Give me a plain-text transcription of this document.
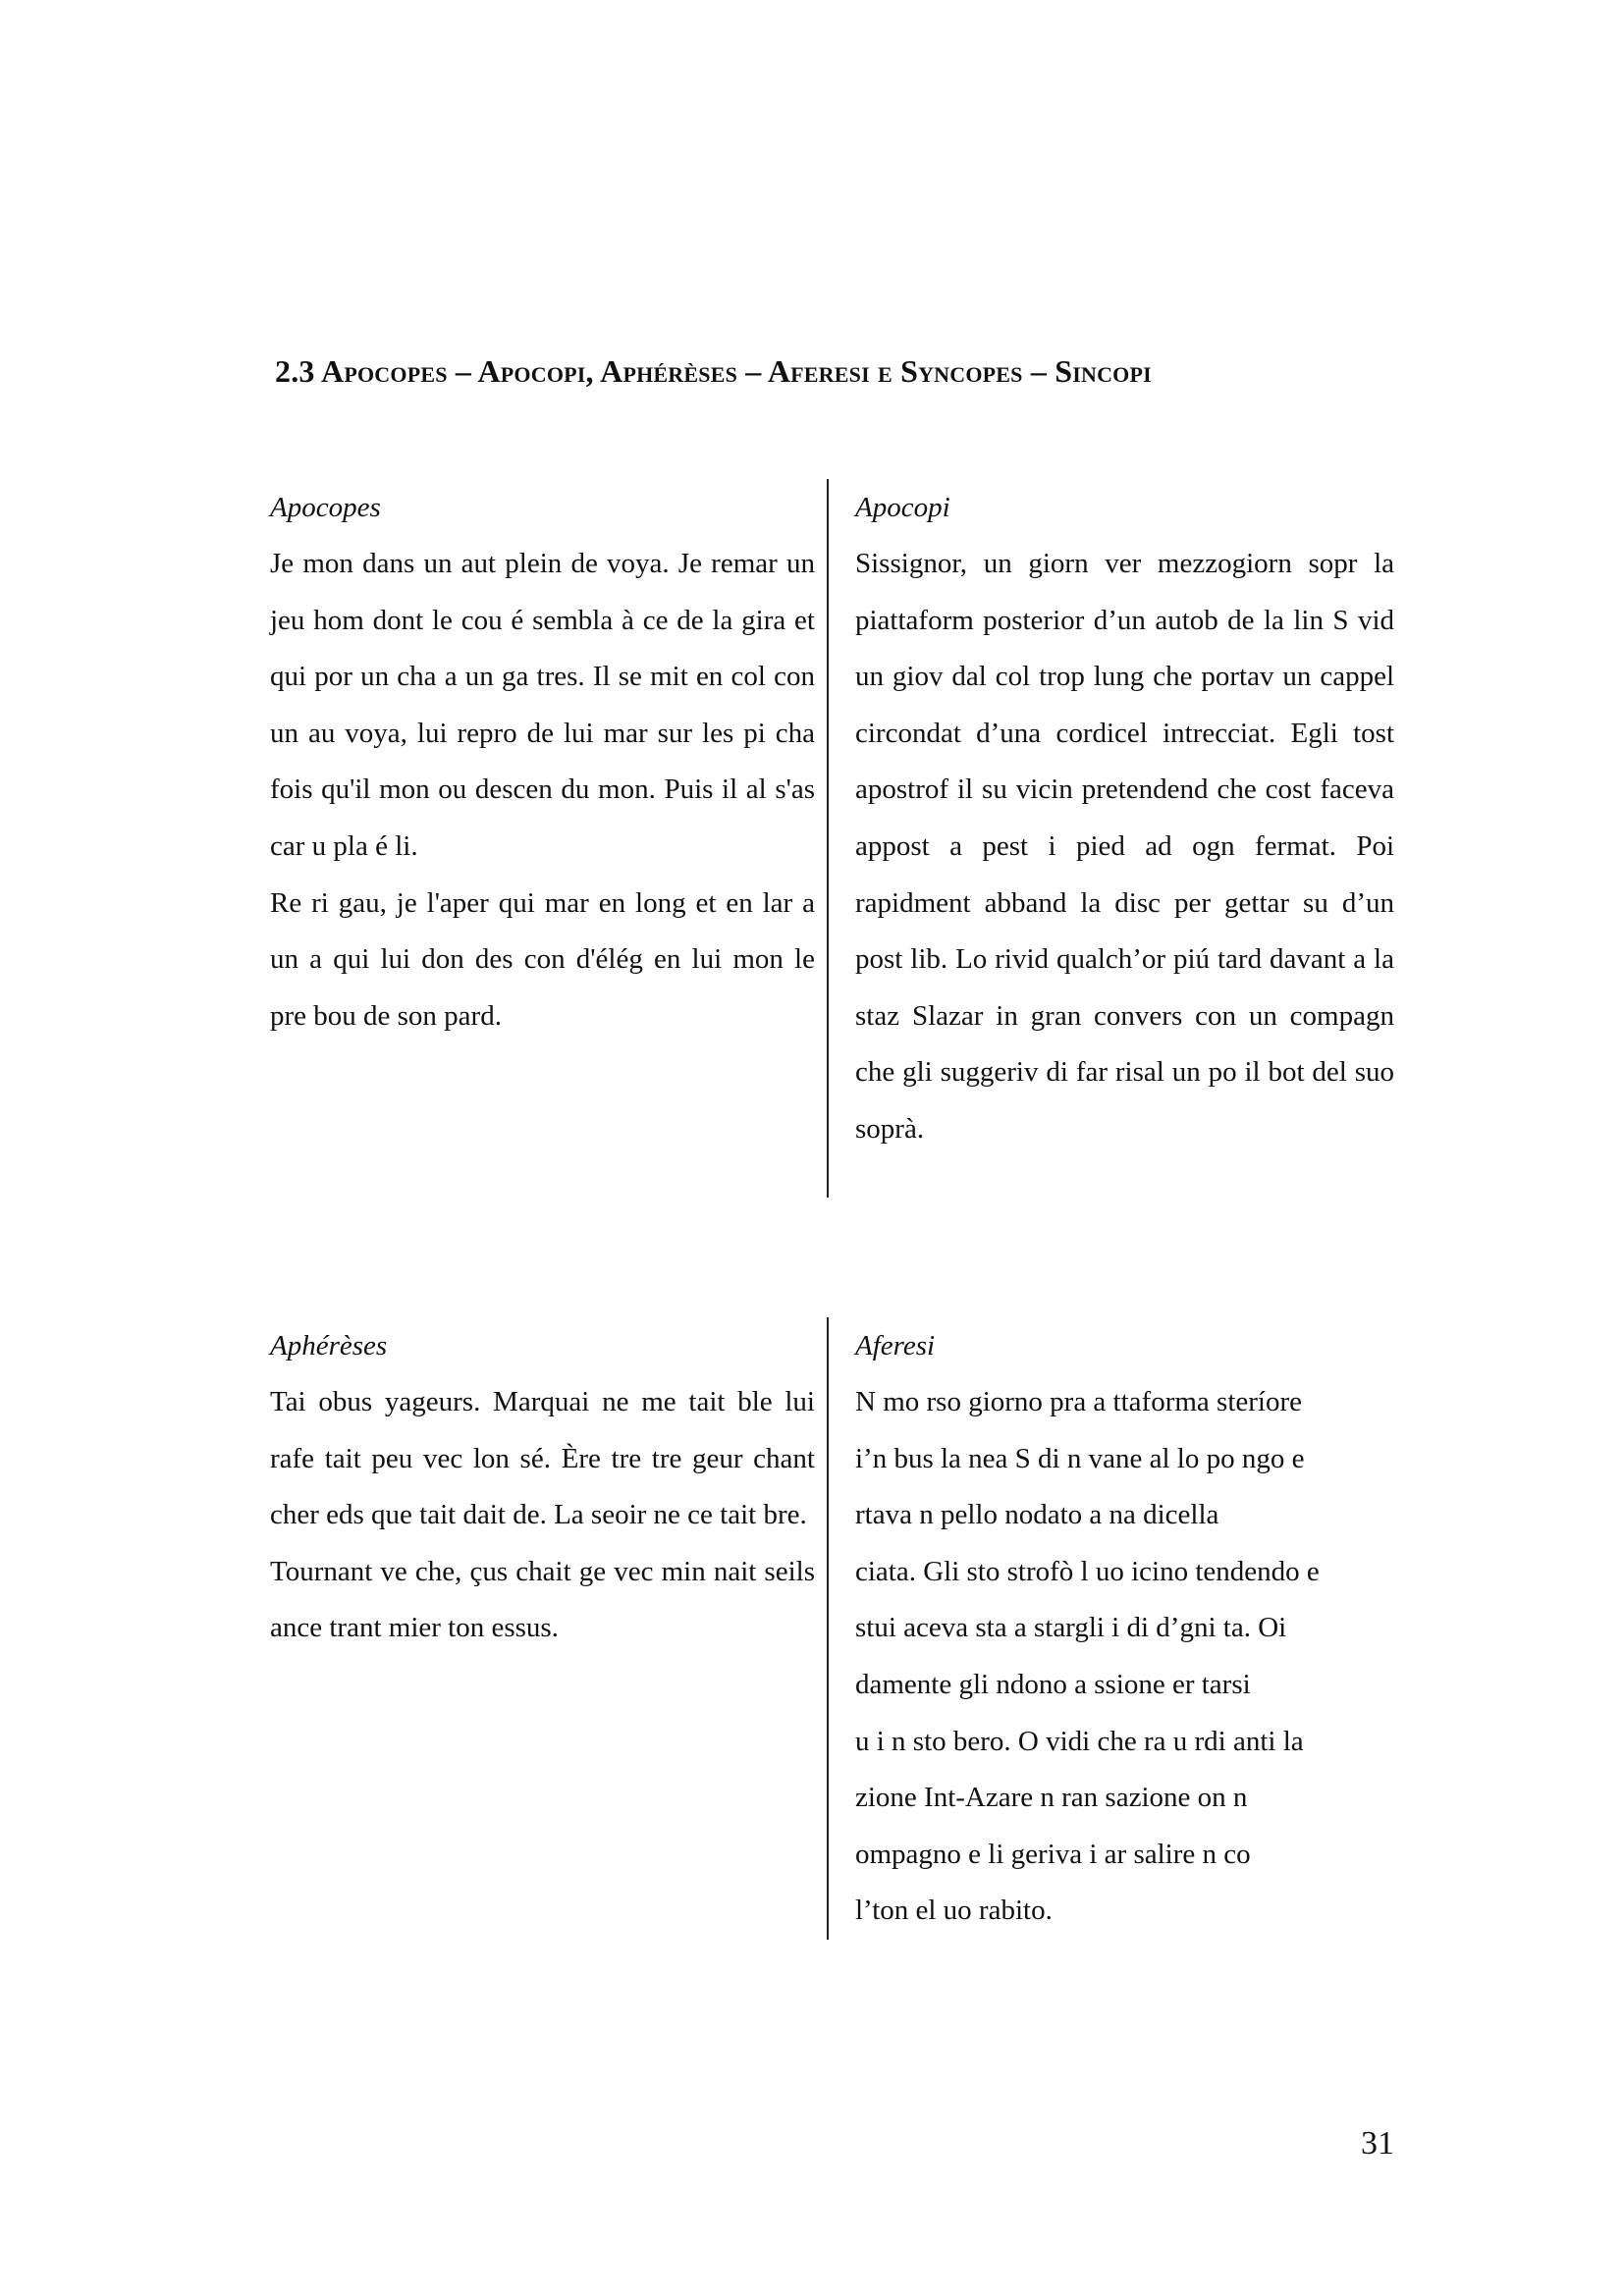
2.3 Apocopes – Apocopi, Aphérèses – Aferesi e Syncopes – Sincopi

Apocopes

Je mon dans un aut plein de voya. Je remar un jeu hom dont le cou é sembla à ce de la gira et qui por un cha a un ga tres. Il se mit en col con un au voya, lui repro de lui mar sur les pi cha fois qu'il mon ou descen du mon. Puis il al s'as car u pla é li.

Re ri gau, je l'aper qui mar en long et en lar a un a qui lui don des con d'élég en lui mon le pre bou de son pard.

Apocopi

Sissignor, un giorn ver mezzogiorn sopr la piattaform posterior d’un autob de la lin S vid un giov dal col trop lung che portav un cappel circondat d’una cordicel intrecciat. Egli tost apostrof il su vicin pretendend che cost faceva appost a pest i pied ad ogn fermat. Poi rapidment abband la disc per gettar su d’un post lib. Lo rivid qualch’or piú tard davant a la staz Slazar in gran convers con un compagn che gli suggeriv di far risal un po il bot del suo soprà.

Aphérèses

Tai obus yageurs. Marquai ne me tait ble lui rafe tait peu vec lon sé. Ère tre tre geur chant cher eds que tait dait de. La seoir ne ce tait bre.

Tournant ve che, çus chait ge vec min nait seils ance trant mier ton essus.

Aferesi

N mo rso giorno pra a ttaforma steríore

i’n bus la nea S di n vane al lo po ngo e

rtava n pello nodato a na dicella

ciata. Gli sto strofò l uo icino tendendo e

stui aceva sta a stargli i di d’gni ta. Oi

damente gli ndono a ssione er tarsi

u i n sto bero. O vidi che ra u rdi anti la

zione Int-Azare n ran sazione on n

ompagno e li geriva i ar salire n co

l’ton el uo rabito.

31
